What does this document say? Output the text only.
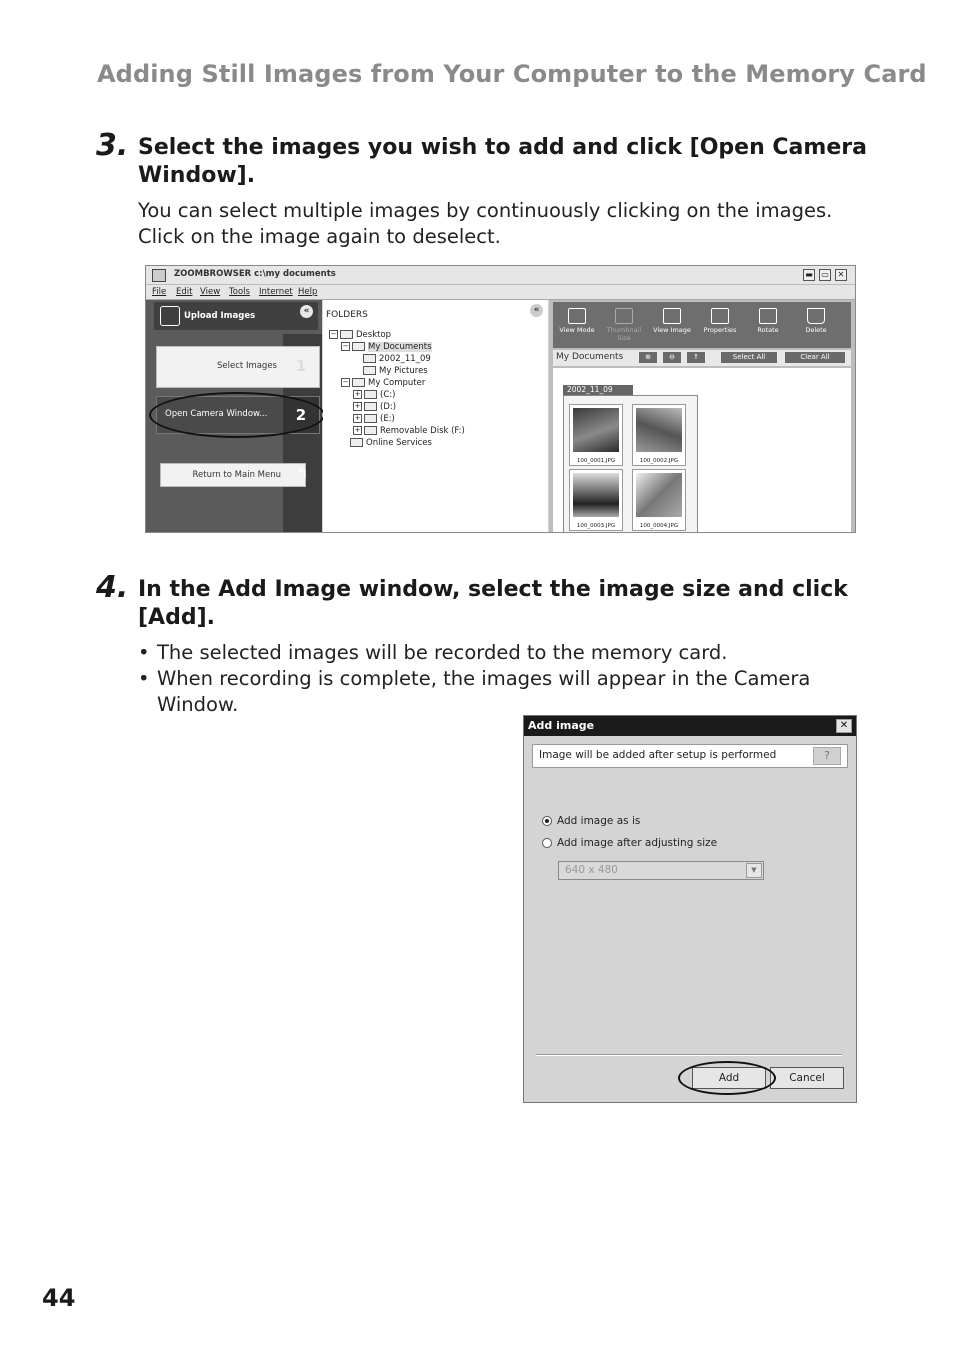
Adding Still Images from Your Computer to the Memory Card
3. Select the images you wish to add and click [Open Camera
Window].
You can select multiple images by continuously clicking on the images.
Click on the image again to deselect.
ZOOMBROWSER c:\my documents	▬ ▭	✕
File Edit View Tools Internet Help
Upload Images	«
Select Images	1
Open Camera Window...	2
Return to Main Menu	↰
FOLDERS	«
− Desktop
− My Documents
2002_11_09
My Pictures
− My Computer
+ (C:)
+ (D:)
+ (E:)
+ Removable Disk (F:)
Online Services
View Mode	Thumbnail Size
View Image	Properties	Rotate	Delete
My Documents	⊕	⊖	↑	Select All	Clear All
2002_11_09
100_0001.JPG	100_0002.JPG
100_0003.JPG	100_0004.JPG
4. In the Add Image window, select the image size and click
[Add].
• The selected images will be recorded to the memory card.
• When recording is complete, the images will appear in the Camera
Window.
Add image	✕
Image will be added after setup is performed	?
Add image as is
Add image after adjusting size
640 x 480	▼
Add	Cancel
44
